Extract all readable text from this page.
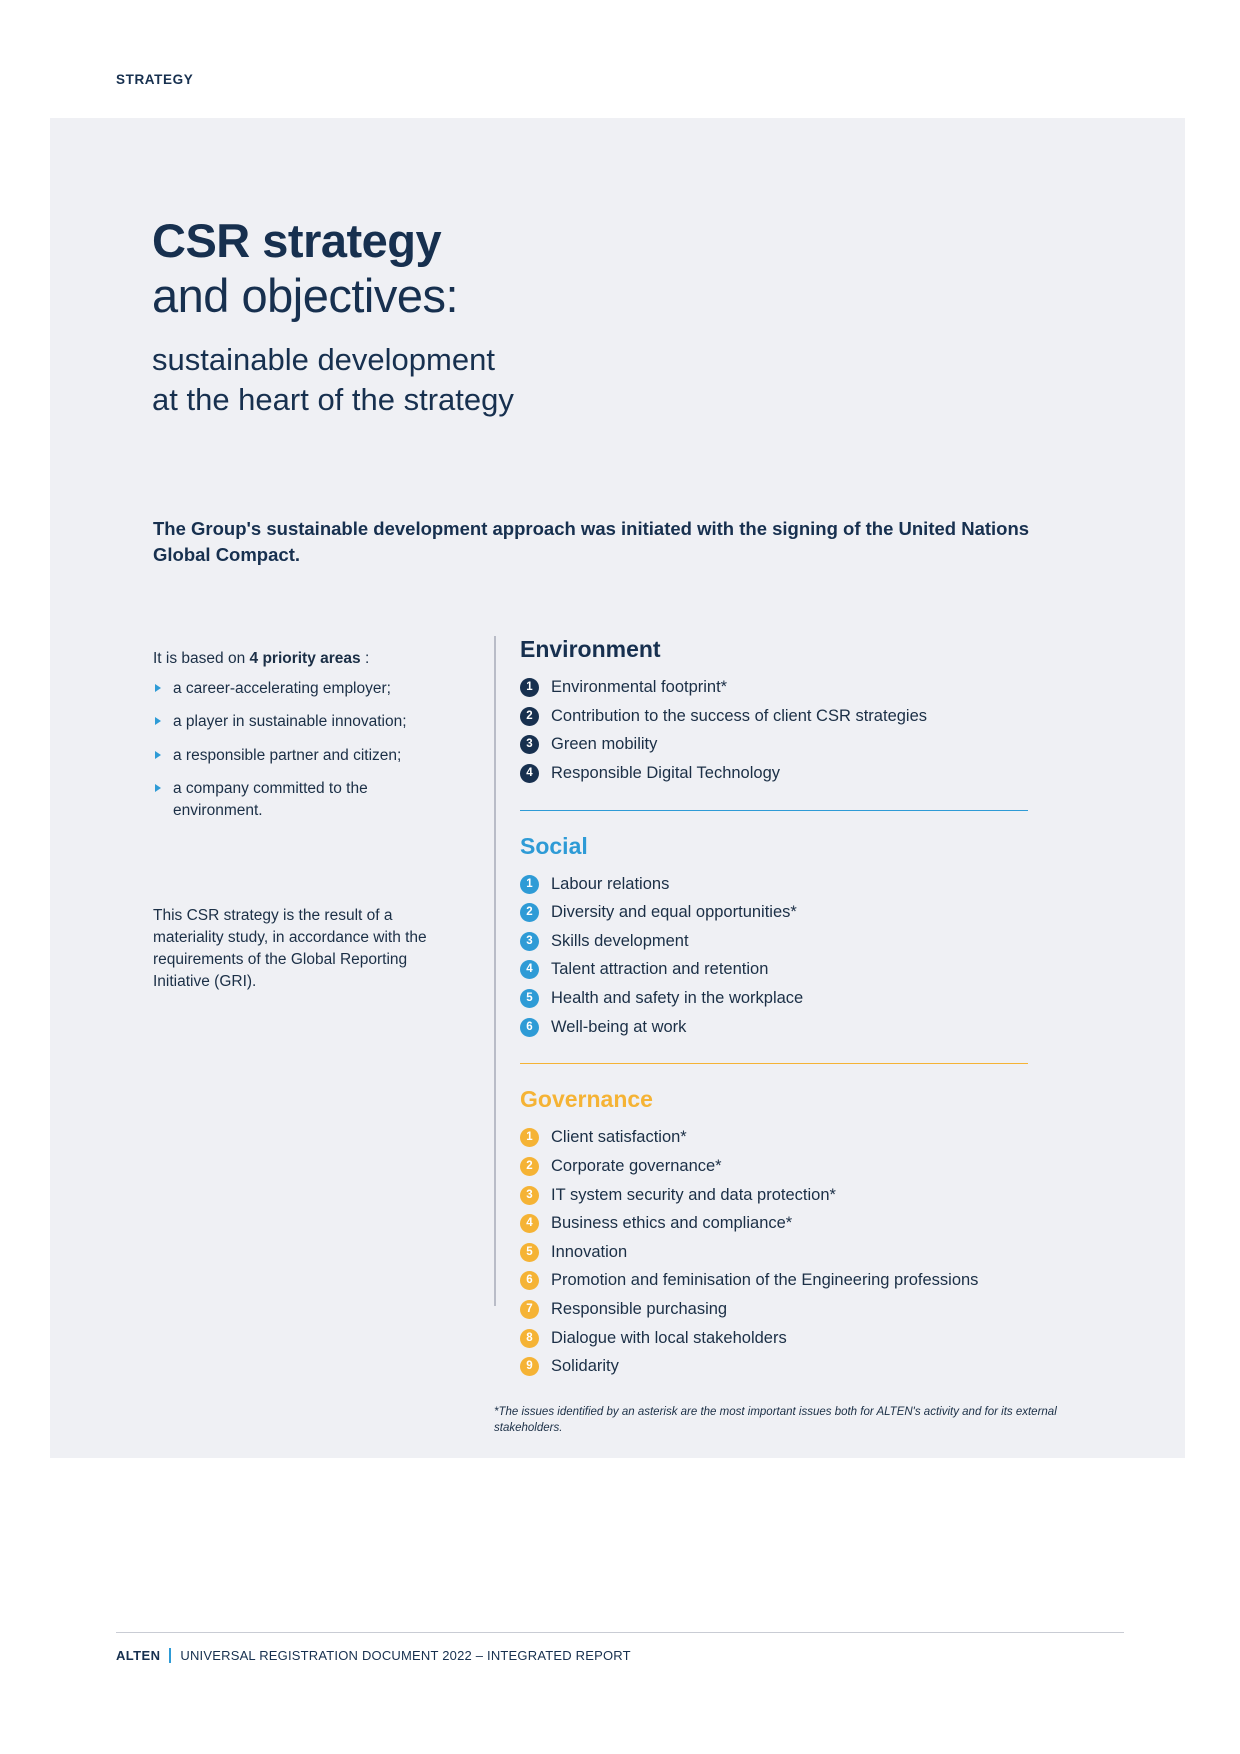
STRATEGY
CSR strategy
and objectives:
sustainable development
at the heart of the strategy
The Group's sustainable development approach was initiated with the signing of the United Nations Global Compact.
It is based on 4 priority areas :
a career-accelerating employer;
a player in sustainable innovation;
a responsible partner and citizen;
a company committed to the environment.
This CSR strategy is the result of a materiality study, in accordance with the requirements of the Global Reporting Initiative (GRI).
Environment
1	Environmental footprint*
2	Contribution to the success of client CSR strategies
3	Green mobility
4	Responsible Digital Technology
Social
1	Labour relations
2	Diversity and equal opportunities*
3	Skills development
4	Talent attraction and retention
5	Health and safety in the workplace
6	Well-being at work
Governance
1	Client satisfaction*
2	Corporate governance*
3	IT system security and data protection*
4	Business ethics and compliance*
5	Innovation
6	Promotion and feminisation of the Engineering professions
7	Responsible purchasing
8	Dialogue with local stakeholders
9	Solidarity
*The issues identified by an asterisk are the most important issues both for ALTEN's activity and for its external stakeholders.
ALTEN UNIVERSAL REGISTRATION DOCUMENT 2022 – INTEGRATED REPORT
